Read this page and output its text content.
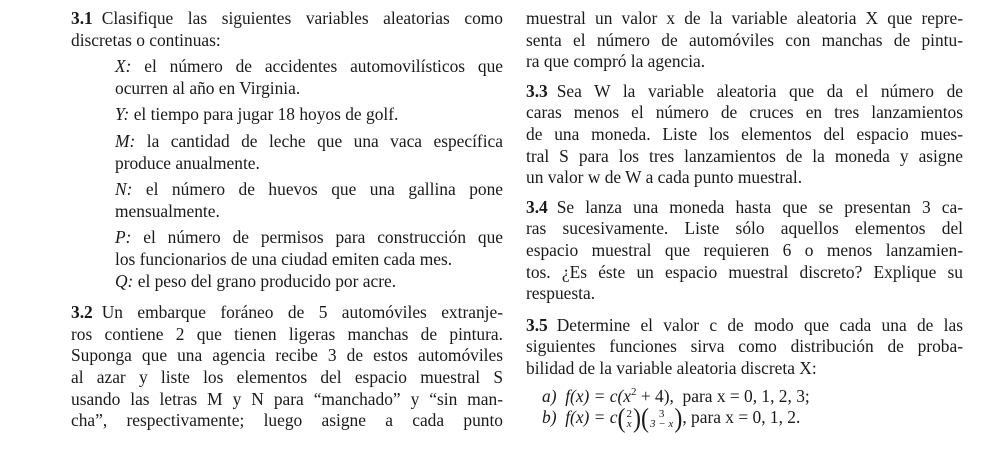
3.1 Clasifique las siguientes variables aleatorias como

discretas o continuas:

X: el número de accidentes automovilísticos que

ocurren al año en Virginia.

Y: el tiempo para jugar 18 hoyos de golf.

M: la cantidad de leche que una vaca específica

produce anualmente.

N: el número de huevos que una gallina pone

mensualmente.

P: el número de permisos para construcción que

los funcionarios de una ciudad emiten cada mes.

Q: el peso del grano producido por acre.

3.2 Un embarque foráneo de 5 automóviles extranje-

ros contiene 2 que tienen ligeras manchas de pintura.

Suponga que una agencia recibe 3 de estos automóviles

al azar y liste los elementos del espacio muestral S

usando las letras M y N para “manchado” y “sin man-

cha”, respectivamente; luego asigne a cada punto

muestral un valor x de la variable aleatoria X que repre-

senta el número de automóviles con manchas de pintu-

ra que compró la agencia.

3.3 Sea W la variable aleatoria que da el número de

caras menos el número de cruces en tres lanzamientos

de una moneda. Liste los elementos del espacio mues-

tral S para los tres lanzamientos de la moneda y asigne

un valor w de W a cada punto muestral.

3.4 Se lanza una moneda hasta que se presentan 3 ca-

ras sucesivamente. Liste sólo aquellos elementos del

espacio muestral que requieren 6 o menos lanzamien-

tos. ¿Es éste un espacio muestral discreto? Explique su

respuesta.

3.5 Determine el valor c de modo que cada una de las

siguientes funciones sirva como distribución de proba-

bilidad de la variable aleatoria discreta X:

a) $f(x) = c(x^2 + 4)$, para x = 0, 1, 2, 3;

b) f(x) = c ( 2
x ) ( 3
3 − x ) , para x = 0, 1, 2.
